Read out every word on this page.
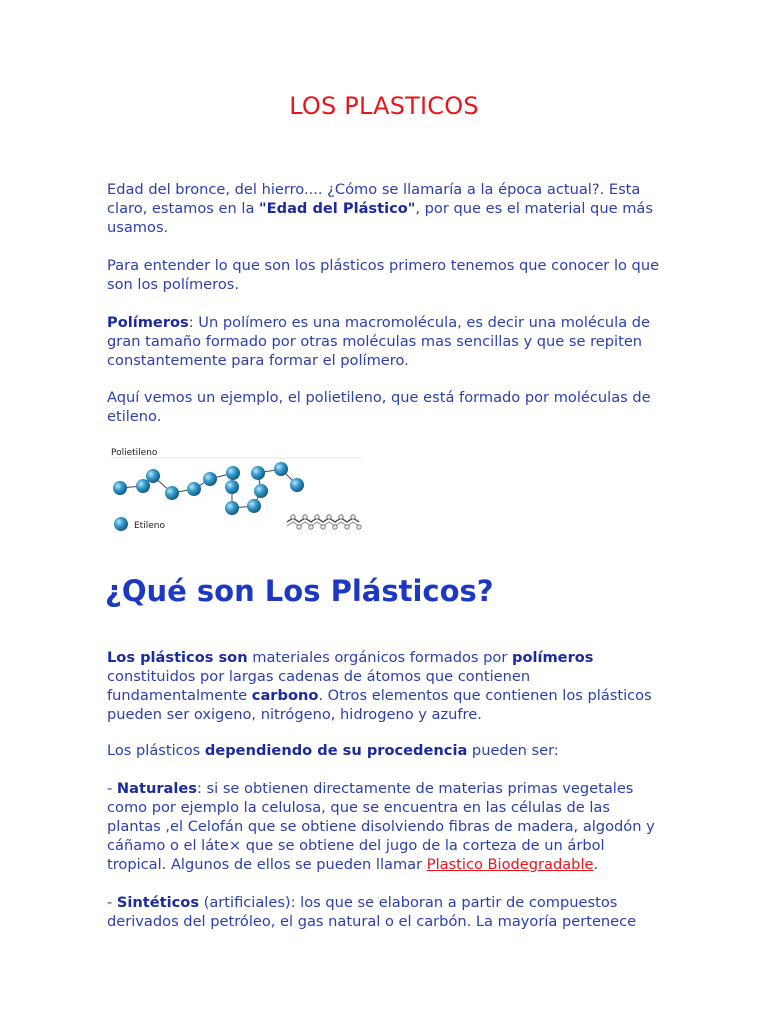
LOS PLASTICOS

Edad del bronce, del hierro.... ¿Cómo se llamaría a la época actual?. Esta claro, estamos en la "Edad del Plástico", por que es el material que más usamos.

Para entender lo que son los plásticos primero tenemos que conocer lo que son los polímeros.

Polímeros: Un polímero es una macromolécula, es decir una molécula de gran tamaño formado por otras moléculas mas sencillas y que se repiten constantemente para formar el polímero.

Aquí vemos un ejemplo, el polietileno, que está formado por moléculas de etileno.

Polietileno
Etileno
¿Qué son Los Plásticos?

Los plásticos son materiales orgánicos formados por polímeros constituidos por largas cadenas de átomos que contienen fundamentalmente carbono. Otros elementos que contienen los plásticos pueden ser oxigeno, nitrógeno, hidrogeno y azufre.

Los plásticos dependiendo de su procedencia pueden ser:

- Naturales: si se obtienen directamente de materias primas vegetales como por ejemplo la celulosa, que se encuentra en las células de las plantas ,el Celofán que se obtiene disolviendo fibras de madera, algodón y cáñamo o el láte× que se obtiene del jugo de la corteza de un árbol tropical. Algunos de ellos se pueden llamar Plastico Biodegradable.

- Sintéticos (artificiales): los que se elaboran a partir de compuestos derivados del petróleo, el gas natural o el carbón. La mayoría pertenece
